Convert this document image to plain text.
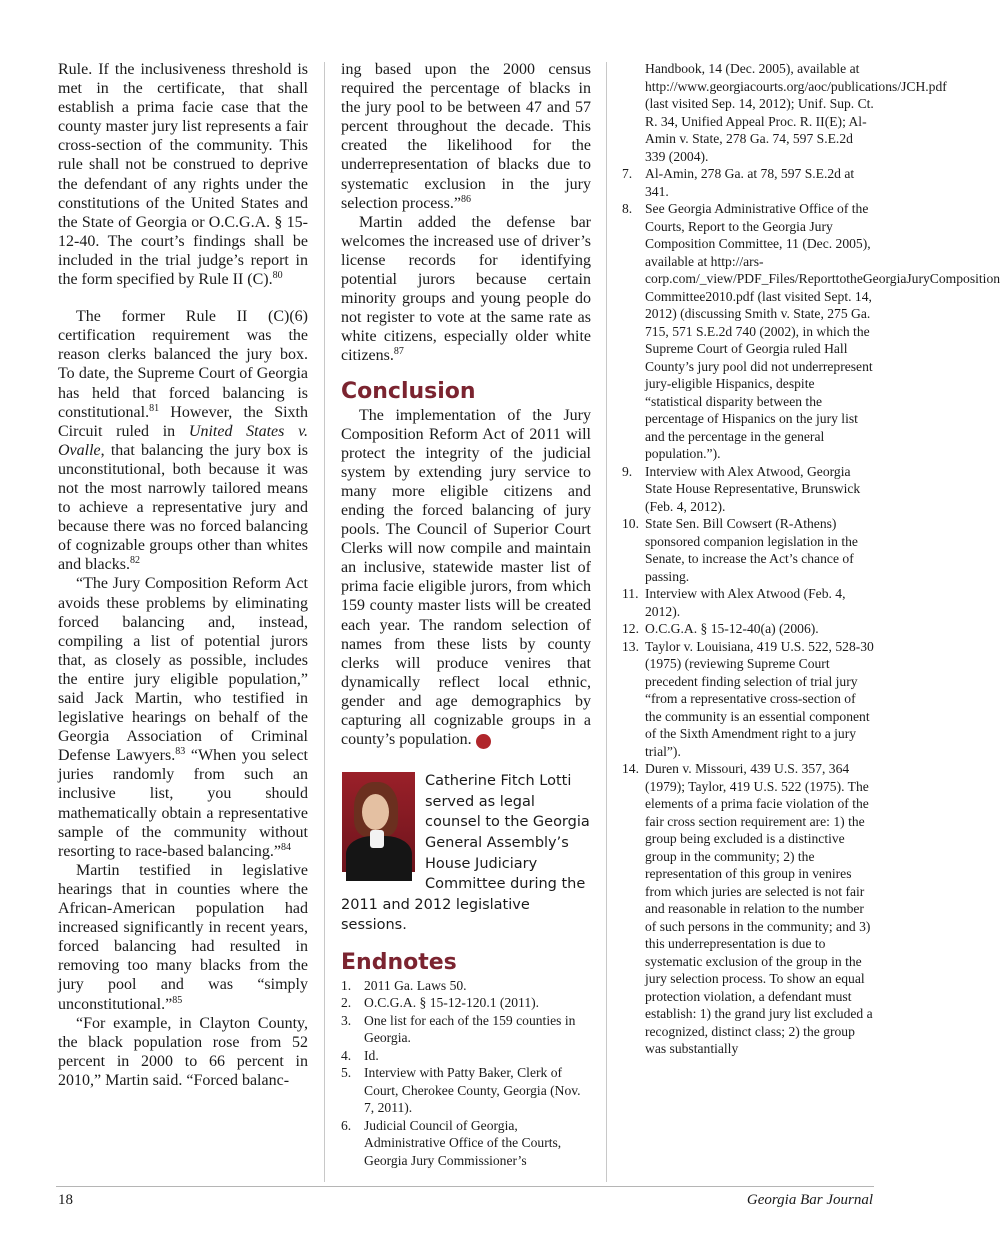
Rule. If the inclusiveness threshold is met in the certificate, that shall establish a prima facie case that the county master jury list represents a fair cross-section of the community. This rule shall not be construed to deprive the defendant of any rights under the constitutions of the United States and the State of Georgia or O.C.G.A. § 15-12-40. The court’s findings shall be included in the trial judge’s report in the form specified by Rule II (C).$^{80}$

The former Rule II (C)(6) certification requirement was the reason clerks balanced the jury box. To date, the Supreme Court of Georgia has held that forced balancing is constitutional.$^{81}$ However, the Sixth Circuit ruled in United States v. Ovalle, that balancing the jury box is unconstitutional, both because it was not the most narrowly tailored means to achieve a representative jury and because there was no forced balancing of cognizable groups other than whites and blacks.$^{82}$

“The Jury Composition Reform Act avoids these problems by eliminating forced balancing and, instead, compiling a list of potential jurors that, as closely as possible, includes the entire jury eligible population,” said Jack Martin, who testified in legislative hearings on behalf of the Georgia Association of Criminal Defense Lawyers.$^{83}$ “When you select juries randomly from such an inclusive list, you should mathematically obtain a representative sample of the community without resorting to race-based balancing.”$^{84}$

Martin testified in legislative hearings that in counties where the African-American population had increased significantly in recent years, forced balancing had resulted in removing too many blacks from the jury pool and was “simply unconstitutional.”$^{85}$

“For example, in Clayton County, the black population rose from 52 percent in 2000 to 66 percent in 2010,” Martin said. “Forced balanc-

ing based upon the 2000 census required the percentage of blacks in the jury pool to be between 47 and 57 percent throughout the decade. This created the likelihood for the underrepresentation of blacks due to systematic exclusion in the jury selection process.”$^{86}$

Martin added the defense bar welcomes the increased use of driver’s license records for identifying potential jurors because certain minority groups and young people do not register to vote at the same rate as white citizens, especially older white citizens.$^{87}$

Conclusion

The implementation of the Jury Composition Reform Act of 2011 will protect the integrity of the judicial system by extending jury service to many more eligible citizens and ending the forced balancing of jury pools. The Council of Superior Court Clerks will now compile and maintain an inclusive, statewide master list of prima facie eligible jurors, from which 159 county master lists will be created each year. The random selection of names from these lists by county clerks will produce venires that dynamically reflect local ethnic, gender and age demographics by capturing all cognizable groups in a county’s population.	GBJ

Catherine Fitch Lotti served as legal counsel to the Georgia General Assembly’s House Judiciary Committee during the 2011 and 2012 legislative sessions.
Endnotes
1. 2011 Ga. Laws 50.
2. O.C.G.A. § 15-12-120.1 (2011).
3. One list for each of the 159 counties in Georgia.
4. Id.
5. Interview with Patty Baker, Clerk of Court, Cherokee County, Georgia (Nov. 7, 2011).
6. Judicial Council of Georgia, Administrative Office of the Courts, Georgia Jury Commissioner’s
Handbook, 14 (Dec. 2005), available at http://www.georgiacourts.org/aoc/publications/JCH.pdf (last visited Sep. 14, 2012); Unif. Sup. Ct. R. 34, Unified Appeal Proc. R. II(E); Al-Amin v. State, 278 Ga. 74, 597 S.E.2d 339 (2004).
7. Al-Amin, 278 Ga. at 78, 597 S.E.2d at 341.
8. See Georgia Administrative Office of the Courts, Report to the Georgia Jury Composition Committee, 11 (Dec. 2005), available at http://ars-corp.com/_view/PDF_Files/ReporttotheGeorgiaJuryComposition Committee2010.pdf (last visited Sept. 14, 2012) (discussing Smith v. State, 275 Ga. 715, 571 S.E.2d 740 (2002), in which the Supreme Court of Georgia ruled Hall County’s jury pool did not underrepresent jury-eligible Hispanics, despite “statistical disparity between the percentage of Hispanics on the jury list and the percentage in the general population.”).
9. Interview with Alex Atwood, Georgia State House Representative, Brunswick (Feb. 4, 2012).
10. State Sen. Bill Cowsert (R-Athens) sponsored companion legislation in the Senate, to increase the Act’s chance of passing.
11. Interview with Alex Atwood (Feb. 4, 2012).
12. O.C.G.A. § 15-12-40(a) (2006).
13. Taylor v. Louisiana, 419 U.S. 522, 528-30 (1975) (reviewing Supreme Court precedent finding selection of trial jury “from a representative cross-section of the community is an essential component of the Sixth Amendment right to a jury trial”).
14. Duren v. Missouri, 439 U.S. 357, 364 (1979); Taylor, 419 U.S. 522 (1975). The elements of a prima facie violation of the fair cross section requirement are: 1) the group being excluded is a distinctive group in the community; 2) the representation of this group in venires from which juries are selected is not fair and reasonable in relation to the number of such persons in the community; and 3) this underrepresentation is due to systematic exclusion of the group in the jury selection process. To show an equal protection violation, a defendant must establish: 1) the grand jury list excluded a recognized, distinct class; 2) the group was substantially
18	Georgia Bar Journal
